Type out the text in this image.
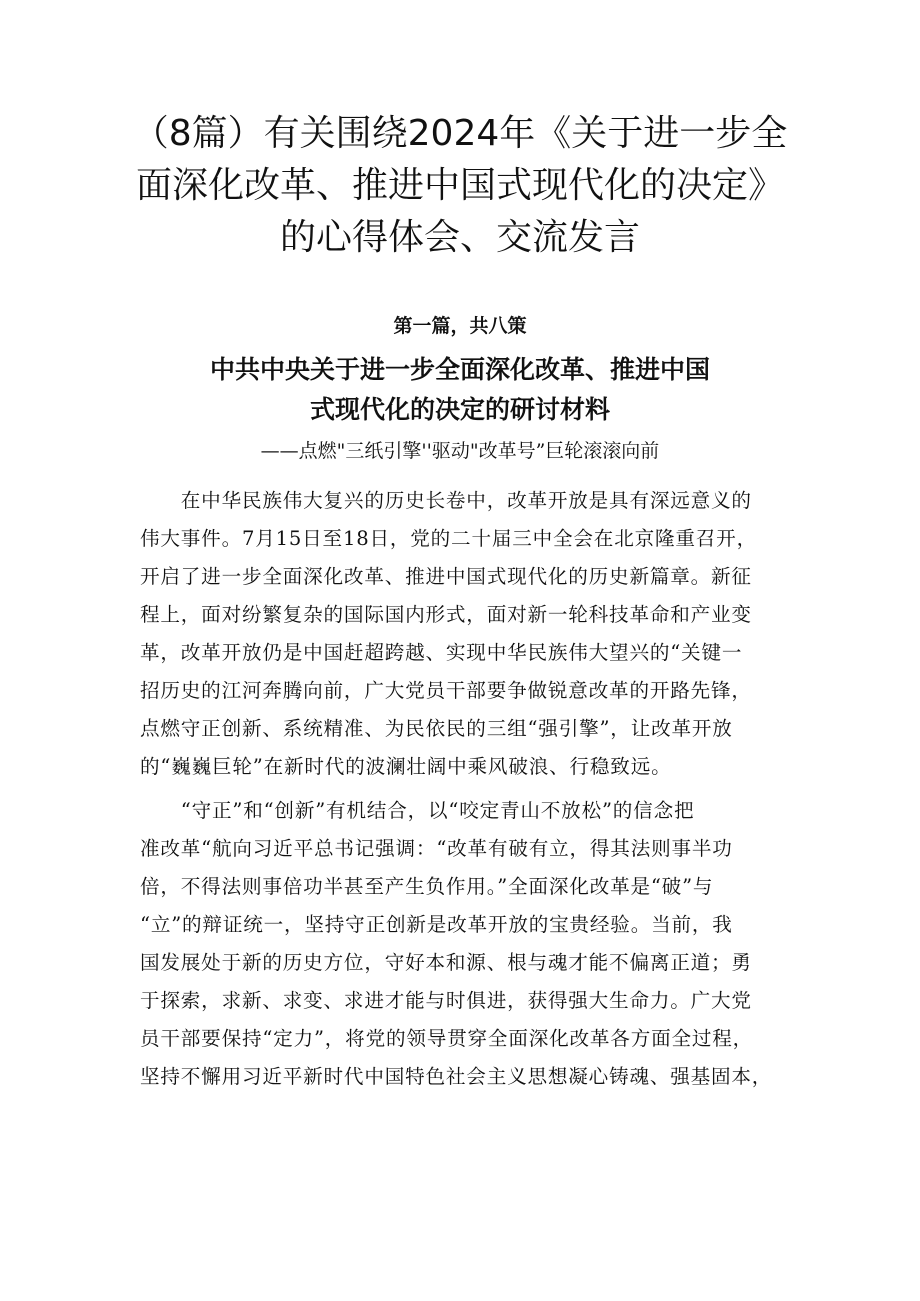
（8篇）有关围绕2024年《关于进一步全
面深化改革、推进中国式现代化的决定》
的心得体会、交流发言
第一篇，共八策
中共中央关于进一步全面深化改革、推进中国
式现代化的决定的研讨材料
——点燃"三纸引擎''驱动"改革号”巨轮滚滚向前

　　在中华民族伟大复兴的历史长卷中，改革开放是具有深远意义的
伟大事件。7月15日至18日，党的二十届三中全会在北京隆重召开，
开启了进一步全面深化改革、推进中国式现代化的历史新篇章。新征
程上，面对纷繁复杂的国际国内形式，面对新一轮科技革命和产业变
革，改革开放仍是中国赶超跨越、实现中华民族伟大望兴的“关键一
招历史的江河奔腾向前，广大党员干部要争做锐意改革的开路先锋，
点燃守正创新、系统精准、为民依民的三组“强引擎”，让改革开放
的“巍巍巨轮”在新时代的波澜壮阔中乘风破浪、行稳致远。

　　“守正”和“创新”有机结合，以“咬定青山不放松”的信念把
准改革“航向习近平总书记强调：“改革有破有立，得其法则事半功
倍，不得法则事倍功半甚至产生负作用。”全面深化改革是“破”与
“立”的辩证统一，坚持守正创新是改革开放的宝贵经验。当前，我
国发展处于新的历史方位，守好本和源、根与魂才能不偏离正道；勇
于探索，求新、求变、求进才能与时俱进，获得强大生命力。广大党
员干部要保持“定力”，将党的领导贯穿全面深化改革各方面全过程，
坚持不懈用习近平新时代中国特色社会主义思想凝心铸魂、强基固本，
